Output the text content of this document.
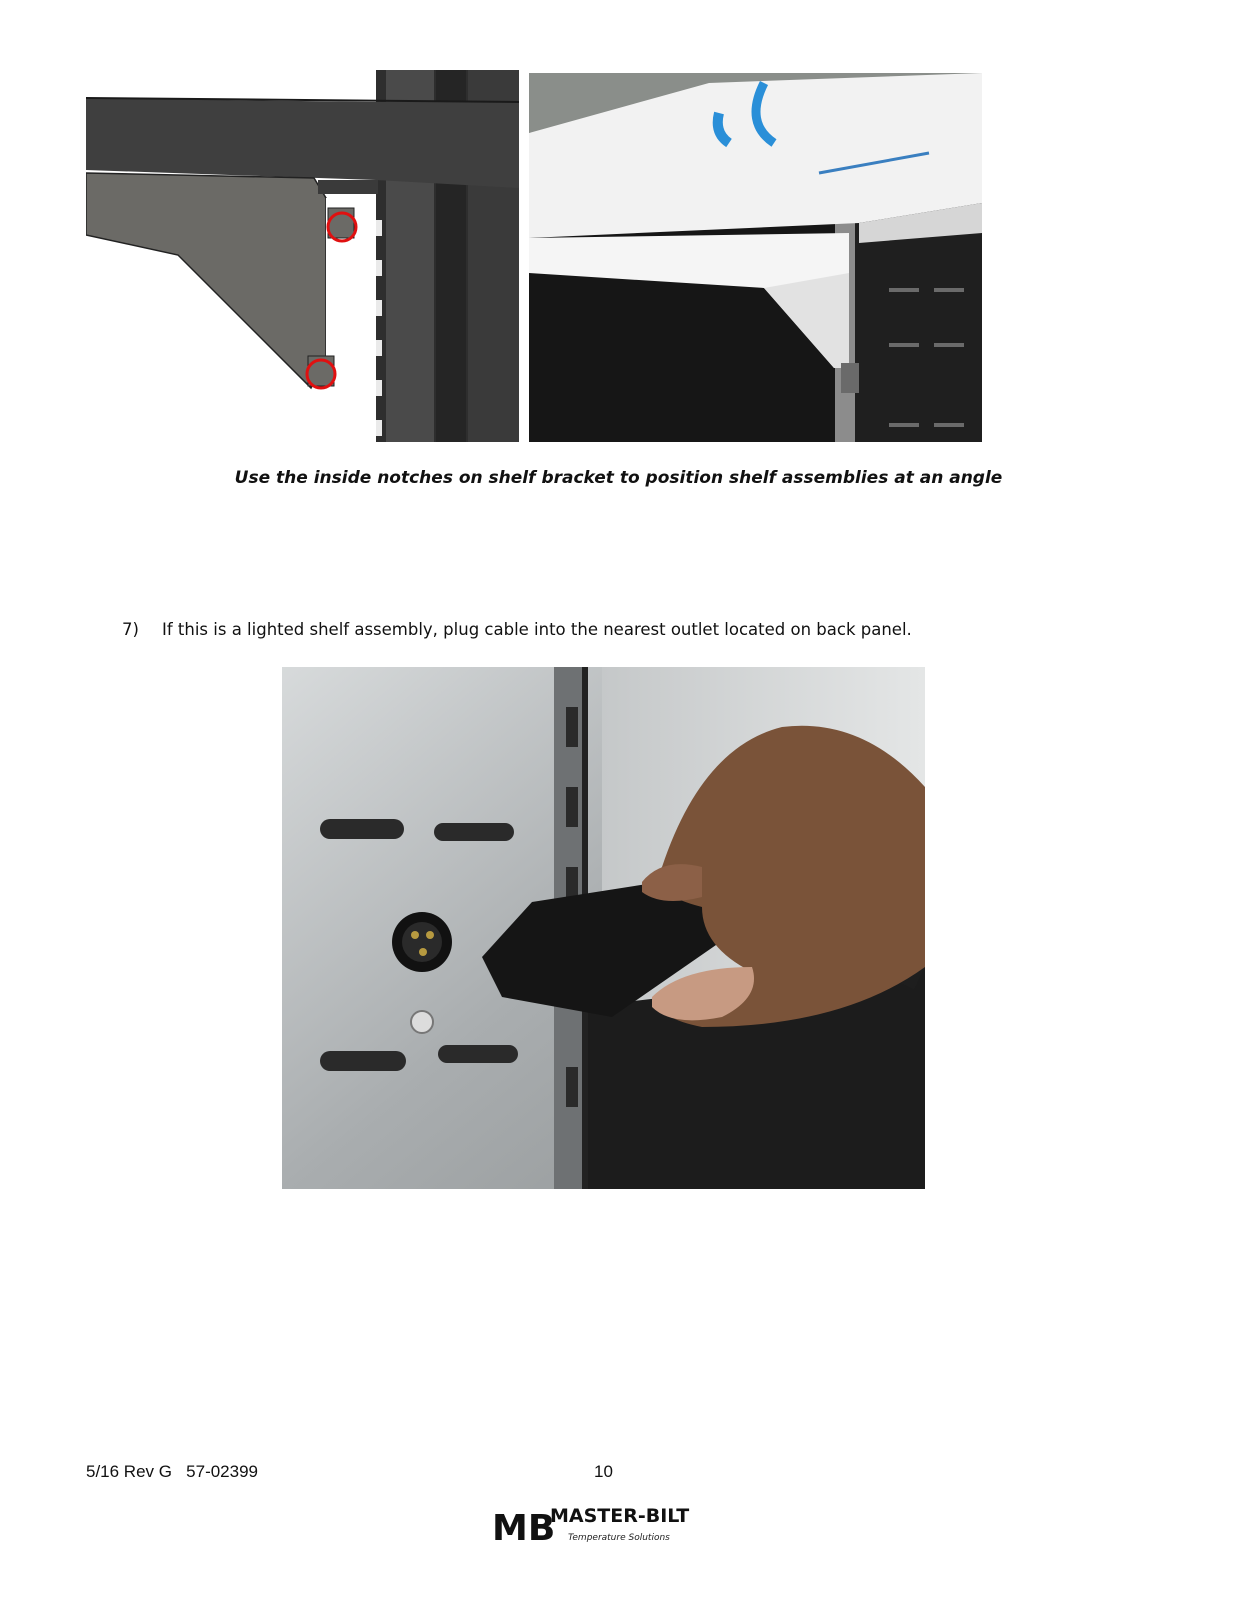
Use the inside notches on shelf bracket to position shelf assemblies at an angle
7) If this is a lighted shelf assembly, plug cable into the nearest outlet located on back panel.
5/16 Rev G   57-02399	10
MB
MASTER-BILT
Temperature Solutions
